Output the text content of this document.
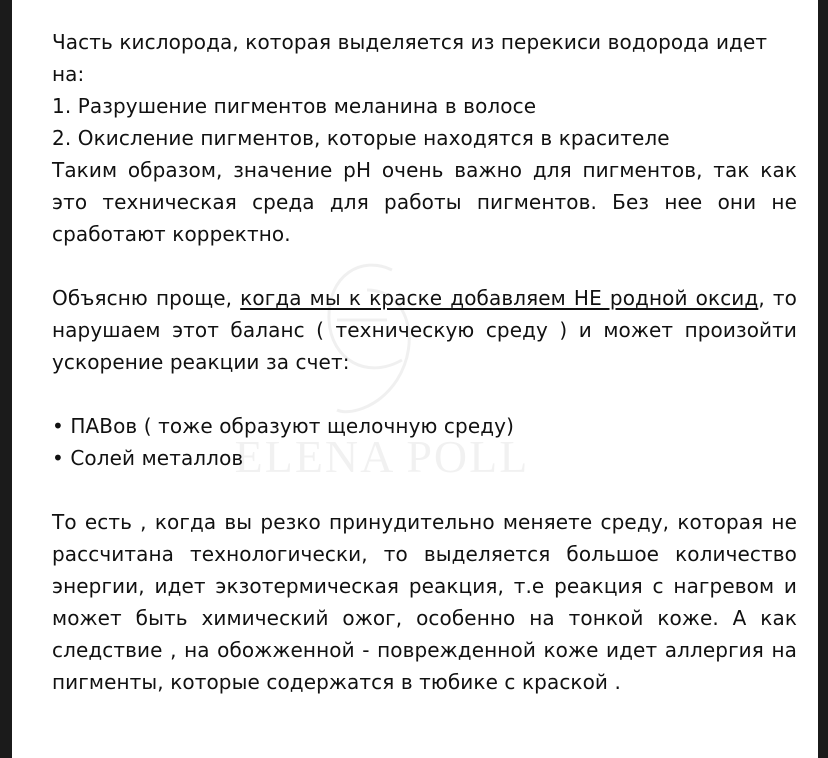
ELENA POLL

Часть кислорода, которая выделяется из перекиси водорода идет

на:

1. Разрушение пигментов меланина в волосе

2. Окисление пигментов, которые находятся в красителе

Таким образом, значение pH очень важно для пигментов, так как это техническая среда для работы пигментов. Без нее они не сработают корректно.

Объясню проще, когда мы к краске добавляем НЕ родной оксид, то нарушаем этот баланс ( техническую среду ) и может произойти ускорение реакции за счет:

• ПАВов ( тоже образуют щелочную среду)

• Солей металлов

То есть , когда вы резко принудительно меняете среду, которая не рассчитана технологически, то выделяется большое количество энергии, идет экзотермическая реакция, т.е реакция с нагревом и может быть химический ожог, особенно на тонкой коже. А как следствие , на обожженной - поврежденной коже идет аллергия на пигменты, которые содержатся в тюбике с краской .
